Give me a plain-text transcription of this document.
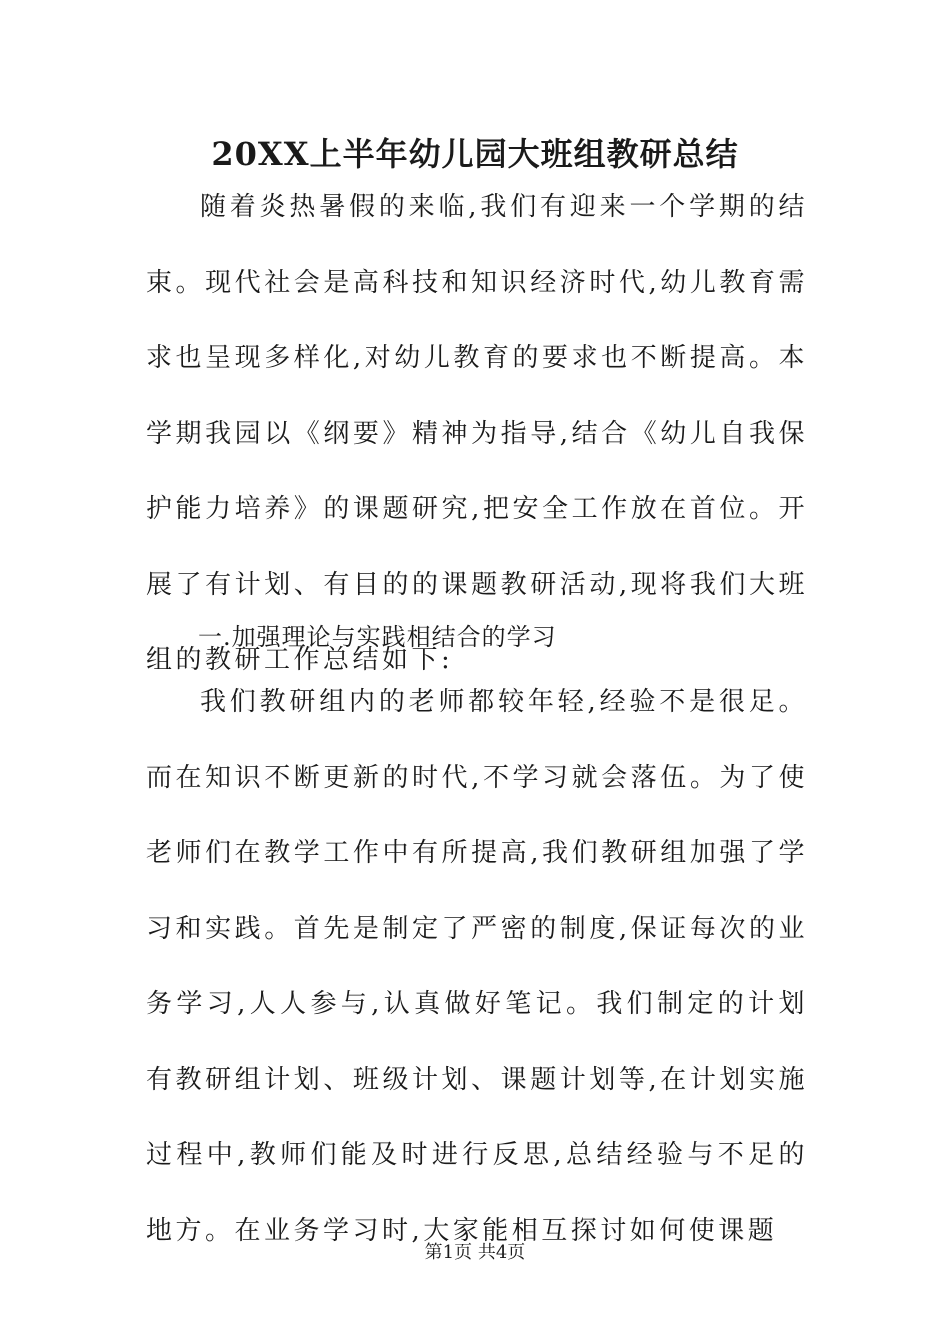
20XX上半年幼儿园大班组教研总结

随着炎热暑假的来临,我们有迎来一个学期的结束。现代社会是高科技和知识经济时代,幼儿教育需求也呈现多样化,对幼儿教育的要求也不断提高。本学期我园以《纲要》精神为指导,结合《幼儿自我保护能力培养》的课题研究,把安全工作放在首位。开展了有计划、有目的的课题教研活动,现将我们大班组的教研工作总结如下:

一.加强理论与实践相结合的学习

我们教研组内的老师都较年轻,经验不是很足。而在知识不断更新的时代,不学习就会落伍。为了使老师们在教学工作中有所提高,我们教研组加强了学习和实践。首先是制定了严密的制度,保证每次的业务学习,人人参与,认真做好笔记。我们制定的计划有教研组计划、班级计划、课题计划等,在计划实施过程中,教师们能及时进行反思,总结经验与不足的地方。在业务学习时,大家能相互探讨如何使课题

第1页 共4页
